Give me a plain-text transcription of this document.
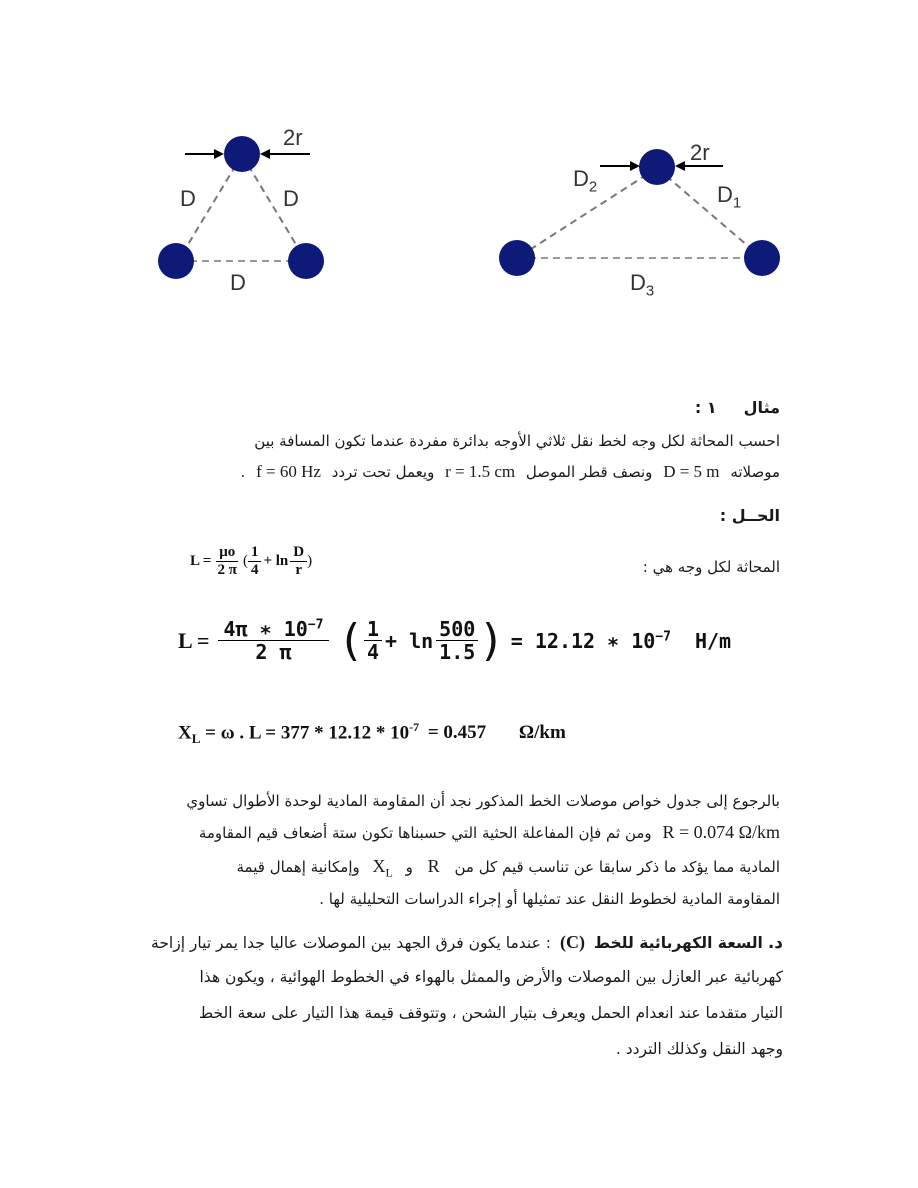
2r
D	D
D
2r
$D_2$	$D_1$
$D_3$
مثال ١ :
احسب المحاثة لكل وجه لخط نقل ثلاثي الأوجه بدائرة مفردة عندما تكون المسافة بين
موصلاته D = 5 m ونصف قطر الموصل r = 1.5 cm ويعمل تحت تردد f = 60 Hz .
الحــل :
المحاثة لكل وجه هي :
$L = \frac{\mu o}{2 \pi}$ ( $\frac{1}{4} + \ln \frac{D}{r}$ )
$L = \frac{4\pi ∗ 10^{-7}}{2 \pi}$ ( $\frac{1}{4} + \ln \frac{500}{1.5}$ ) = 12.12 ∗ $10^{-7}$ H/m
$X_L = \omega$ . $L = 377 * 12.12 * 10^{-7} = 0.457$ Ω/km
بالرجوع إلى جدول خواص موصلات الخط المذكور نجد أن المقاومة المادية لوحدة الأطوال تساوي
R = 0.074 Ω/km ومن ثم فإن المفاعلة الحثية التي حسبناها تكون ستة أضعاف قيم المقاومة
المادية مما يؤكد ما ذكر سابقا عن تناسب قيم كل من R و $X_L$ وإمكانية إهمال قيمة
المقاومة المادية لخطوط النقل عند تمثيلها أو إجراء الدراسات التحليلية لها .
د. السعة الكهربائية للخط (C) : عندما يكون فرق الجهد بين الموصلات عاليا جدا يمر تيار إزاحة
كهربائية عبر العازل بين الموصلات والأرض والممثل بالهواء في الخطوط الهوائية ، ويكون هذا
التيار متقدما عند انعدام الحمل ويعرف بتيار الشحن ، وتتوقف قيمة هذا التيار على سعة الخط
وجهد النقل وكذلك التردد .
